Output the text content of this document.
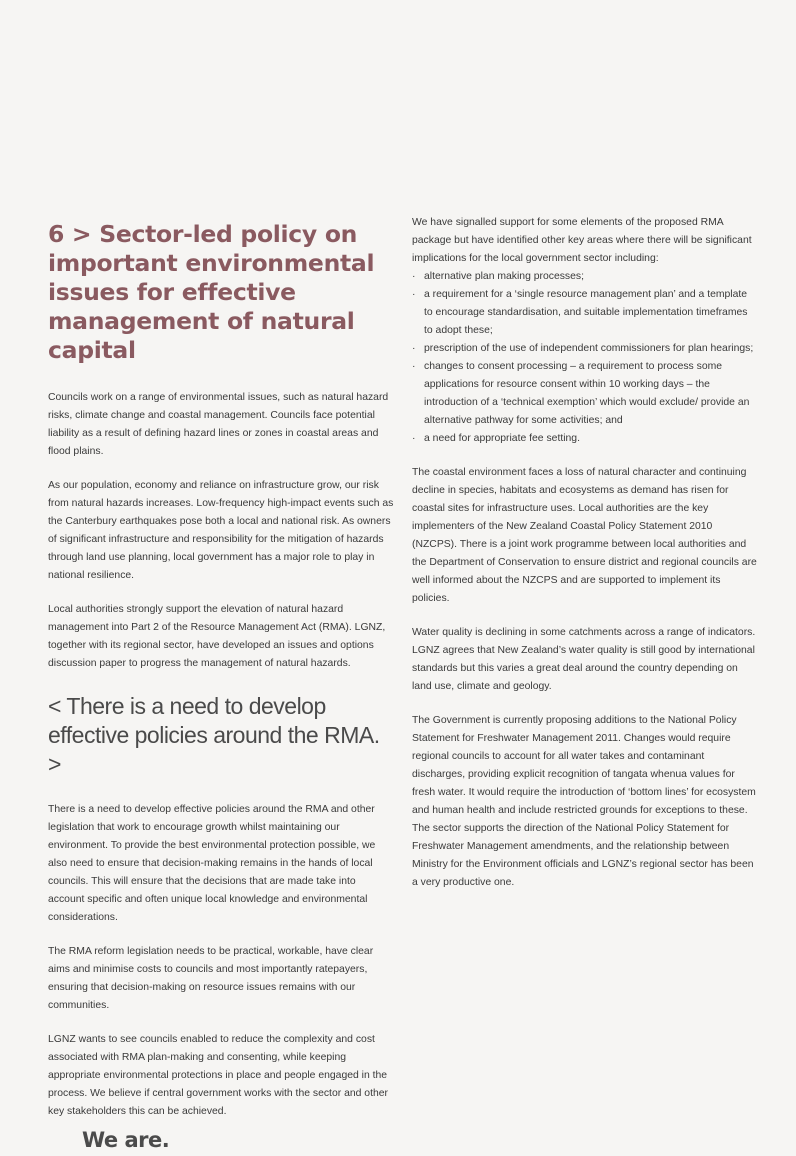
6 > Sector-led policy on important environmental issues for effective management of natural capital

Councils work on a range of environmental issues, such as natural hazard risks, climate change and coastal management. Councils face potential liability as a result of defining hazard lines or zones in coastal areas and flood plains.

As our population, economy and reliance on infrastructure grow, our risk from natural hazards increases. Low-frequency high-impact events such as the Canterbury earthquakes pose both a local and national risk. As owners of significant infrastructure and responsibility for the mitigation of hazards through land use planning, local government has a major role to play in national resilience.

Local authorities strongly support the elevation of natural hazard management into Part 2 of the Resource Management Act (RMA). LGNZ, together with its regional sector, have developed an issues and options discussion paper to progress the management of natural hazards.

< There is a need to develop effective policies around the RMA. >

There is a need to develop effective policies around the RMA and other legislation that work to encourage growth whilst maintaining our environment. To provide the best environmental protection possible, we also need to ensure that decision-making remains in the hands of local councils. This will ensure that the decisions that are made take into account specific and often unique local knowledge and environmental considerations.

The RMA reform legislation needs to be practical, workable, have clear aims and minimise costs to councils and most importantly ratepayers, ensuring that decision-making on resource issues remains with our communities.

LGNZ wants to see councils enabled to reduce the complexity and cost associated with RMA plan-making and consenting, while keeping appropriate environmental protections in place and people engaged in the process. We believe if central government works with the sector and other key stakeholders this can be achieved.

We have signalled support for some elements of the proposed RMA package but have identified other key areas where there will be significant implications for the local government sector including:

· alternative plan making processes;
· a requirement for a ‘single resource management plan’ and a template to encourage standardisation, and suitable implementation timeframes to adopt these;
· prescription of the use of independent commissioners for plan hearings;
· changes to consent processing – a requirement to process some applications for resource consent within 10 working days – the introduction of a ‘technical exemption’ which would exclude/ provide an alternative pathway for some activities; and
· a need for appropriate fee setting.

The coastal environment faces a loss of natural character and continuing decline in species, habitats and ecosystems as demand has risen for coastal sites for infrastructure uses. Local authorities are the key implementers of the New Zealand Coastal Policy Statement 2010 (NZCPS). There is a joint work programme between local authorities and the Department of Conservation to ensure district and regional councils are well informed about the NZCPS and are supported to implement its policies.

Water quality is declining in some catchments across a range of indicators. LGNZ agrees that New Zealand’s water quality is still good by international standards but this varies a great deal around the country depending on land use, climate and geology.

The Government is currently proposing additions to the National Policy Statement for Freshwater Management 2011. Changes would require regional councils to account for all water takes and contaminant discharges, providing explicit recognition of tangata whenua values for fresh water. It would require the introduction of ‘bottom lines’ for ecosystem and human health and include restricted grounds for exceptions to these. The sector supports the direction of the National Policy Statement for Freshwater Management amendments, and the relationship between Ministry for the Environment officials and LGNZ’s regional sector has been a very productive one.

We are.
